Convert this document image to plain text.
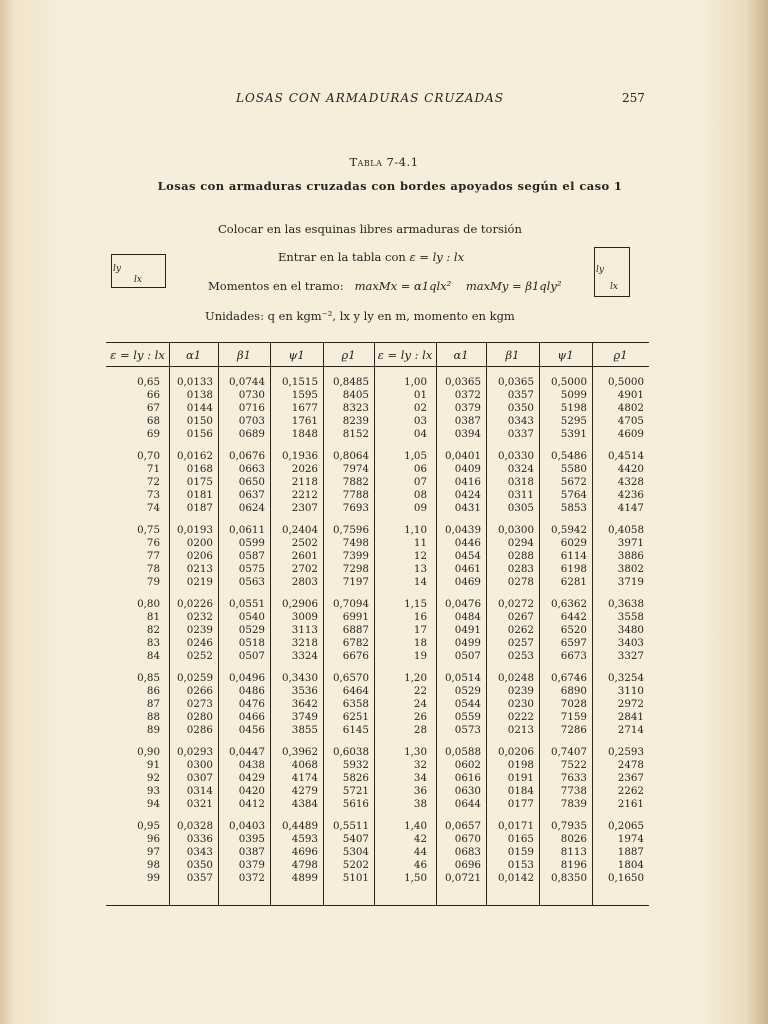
LOSAS CON ARMADURAS CRUZADAS	257
Tabla 7-4.1
Losas con armaduras cruzadas con bordes apoyados según el caso 1
Colocar en las esquinas libres armaduras de torsión
Entrar en la tabla con ε = ly : lx
Momentos en el tramo: maxMx = α1qlx² maxMy = β1qly²
Unidades: q en kgm⁻², lx y ly en m, momento en kgm
ly
lx
ly
lx
ε = ly : lx	α1	β1	ψ1	ϱ1	ε = ly : lx	α1	β1	ψ1	ϱ1
0,65 0,0133 0,0744 0,1515 0,8485	1,00 0,0365 0,0365 0,5000 0,5000
66	0138	0730	1595 8405	01	0372	0357	5099	4901
67	0144	0716	1677 8323	02	0379	0350	5198	4802
68	0150	0703	1761 8239	03	0387	0343	5295	4705
69	0156	0689	1848 8152	04	0394	0337	5391	4609
0,70 0,0162 0,0676 0,1936 0,8064	1,05 0,0401 0,0330 0,5486 0,4514
71	0168	0663	2026 7974	06	0409	0324	5580	4420
72	0175	0650	2118 7882	07	0416	0318	5672	4328
73	0181	0637	2212 7788	08	0424	0311	5764	4236
74	0187	0624	2307 7693	09	0431	0305	5853	4147
0,75 0,0193 0,0611 0,2404 0,7596	1,10 0,0439 0,0300 0,5942 0,4058
76	0200	0599	2502 7498	11	0446	0294	6029	3971
77	0206	0587	2601 7399	12	0454	0288	6114	3886
78	0213	0575	2702 7298	13	0461	0283	6198	3802
79	0219	0563	2803 7197	14	0469	0278	6281	3719
0,80 0,0226 0,0551 0,2906 0,7094	1,15 0,0476 0,0272 0,6362 0,3638
81	0232	0540	3009 6991	16	0484	0267	6442	3558
82	0239	0529	3113 6887	17	0491	0262	6520	3480
83	0246	0518	3218 6782	18	0499	0257	6597	3403
84	0252	0507	3324 6676	19	0507	0253	6673	3327
0,85 0,0259 0,0496 0,3430 0,6570	1,20 0,0514 0,0248 0,6746 0,3254
86	0266	0486	3536 6464	22	0529	0239	6890	3110
87	0273	0476	3642 6358	24	0544	0230	7028	2972
88	0280	0466	3749 6251	26	0559	0222	7159	2841
89	0286	0456	3855 6145	28	0573	0213	7286	2714
0,90 0,0293 0,0447 0,3962 0,6038	1,30 0,0588 0,0206 0,7407 0,2593
91	0300	0438	4068 5932	32	0602	0198	7522	2478
92	0307	0429	4174 5826	34	0616	0191	7633	2367
93	0314	0420	4279 5721	36	0630	0184	7738	2262
94	0321	0412	4384 5616	38	0644	0177	7839	2161
0,95 0,0328 0,0403 0,4489 0,5511	1,40 0,0657 0,0171 0,7935 0,2065
96	0336	0395	4593 5407	42	0670	0165	8026	1974
97	0343	0387	4696 5304	44	0683	0159	8113	1887
98	0350	0379	4798 5202	46	0696	0153	8196	1804
99	0357	0372	4899 5101	1,50 0,0721 0,0142 0,8350 0,1650
